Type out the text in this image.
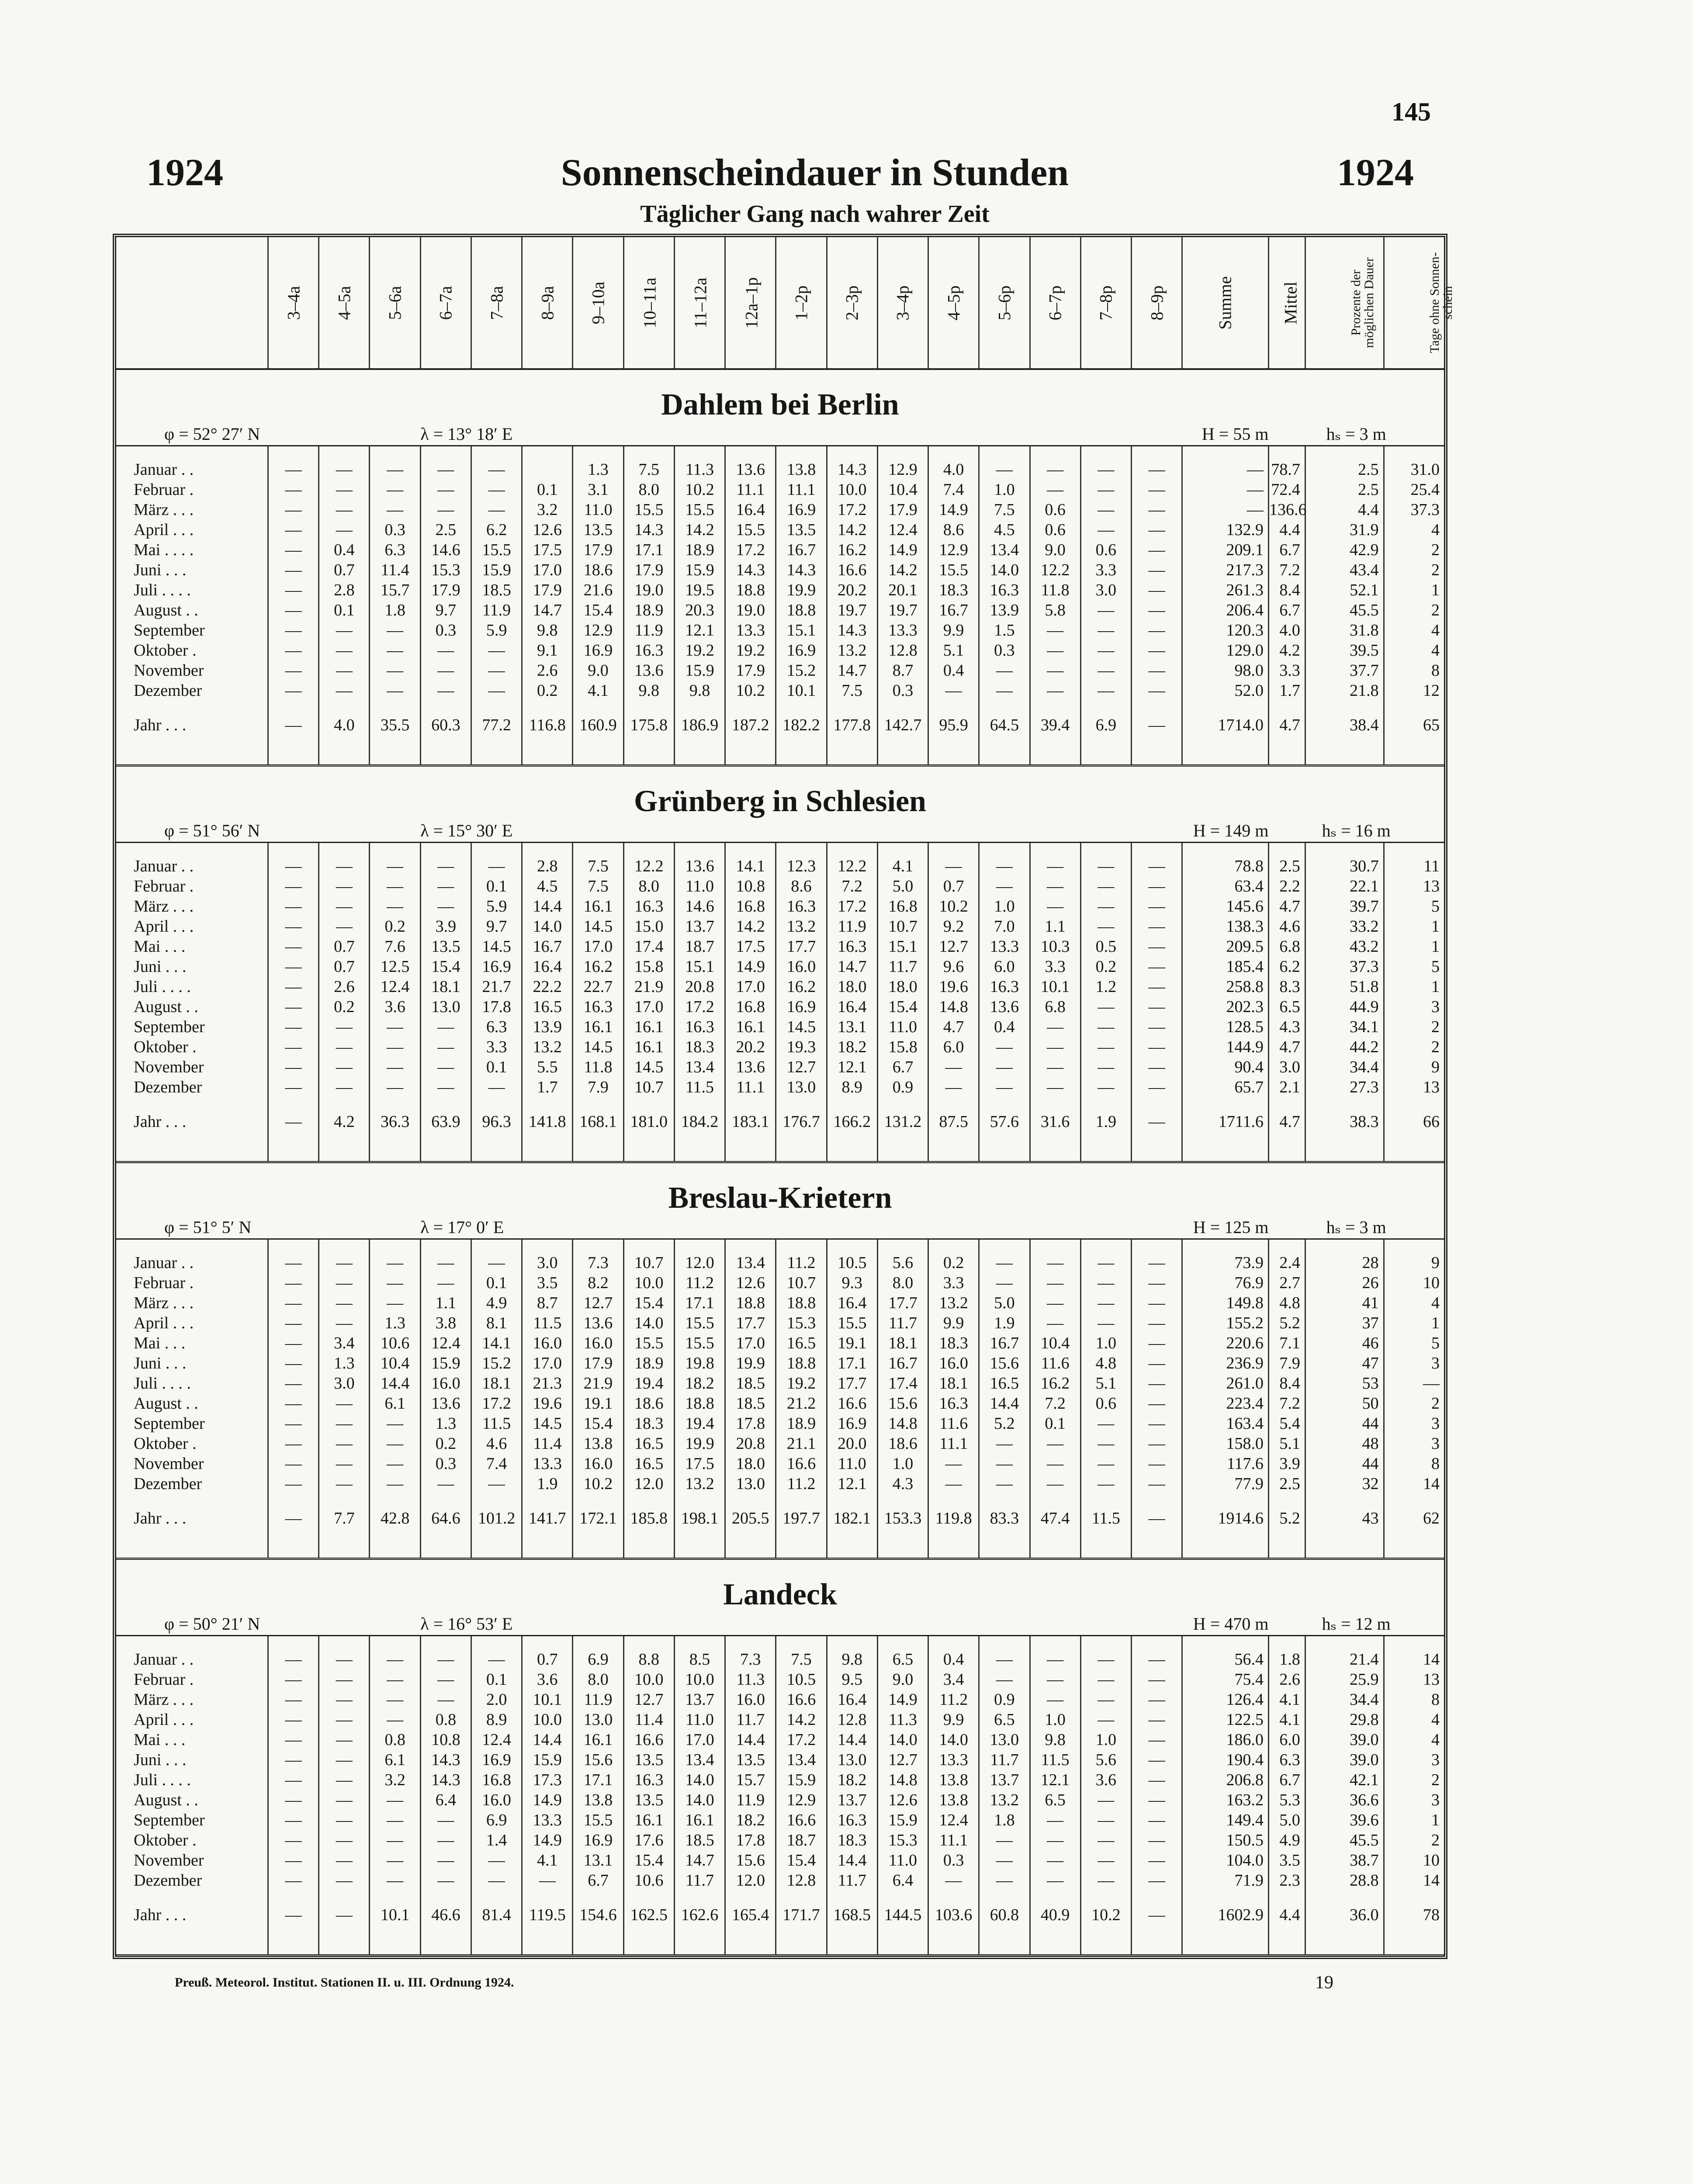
145
1924	Sonnenscheindauer in Stunden	1924
Täglicher Gang nach wahrer Zeit
	3–4a	4–5a	5–6a	6–7a	7–8a	8–9a	9–10a	10–11a	11–12a	12a–1p	1–2p	2–3p	3–4p	4–5p	5–6p	6–7p	7–8p	8–9p	Summe	Mittel	Prozente der möglichen Dauer	Tage ohne Sonnen-schein
Dahlem bei Berlin																						
φ = 52° 27′ N				λ = 13° 18′ E														H = 55 m		hₛ = 3 m		

Januar . .	—	—	—	—	—		1.3	7.5	11.3	13.6	13.8	14.3	12.9	4.0	—	—	—	—	—	78.7	2.5	31.0
Februar .	—	—	—	—	—	0.1	3.1	8.0	10.2	11.1	11.1	10.0	10.4	7.4	1.0	—	—	—	—	72.4	2.5	25.4
März . . .	—	—	—	—	—	3.2	11.0	15.5	15.5	16.4	16.9	17.2	17.9	14.9	7.5	0.6	—	—	—	136.6	4.4	37.3
April . . .	—	—	0.3	2.5	6.2	12.6	13.5	14.3	14.2	15.5	13.5	14.2	12.4	8.6	4.5	0.6	—	—	132.9	4.4	31.9	4
Mai . . . .	—	0.4	6.3	14.6	15.5	17.5	17.9	17.1	18.9	17.2	16.7	16.2	14.9	12.9	13.4	9.0	0.6	—	209.1	6.7	42.9	2
Juni . . .	—	0.7	11.4	15.3	15.9	17.0	18.6	17.9	15.9	14.3	14.3	16.6	14.2	15.5	14.0	12.2	3.3	—	217.3	7.2	43.4	2
Juli . . . .	—	2.8	15.7	17.9	18.5	17.9	21.6	19.0	19.5	18.8	19.9	20.2	20.1	18.3	16.3	11.8	3.0	—	261.3	8.4	52.1	1
August . .	—	0.1	1.8	9.7	11.9	14.7	15.4	18.9	20.3	19.0	18.8	19.7	19.7	16.7	13.9	5.8	—	—	206.4	6.7	45.5	2
September	—	—	—	0.3	5.9	9.8	12.9	11.9	12.1	13.3	15.1	14.3	13.3	9.9	1.5	—	—	—	120.3	4.0	31.8	4
Oktober .	—	—	—	—	—	9.1	16.9	16.3	19.2	19.2	16.9	13.2	12.8	5.1	0.3	—	—	—	129.0	4.2	39.5	4
November	—	—	—	—	—	2.6	9.0	13.6	15.9	17.9	15.2	14.7	8.7	0.4	—	—	—	—	98.0	3.3	37.7	8
Dezember	—	—	—	—	—	0.2	4.1	9.8	9.8	10.2	10.1	7.5	0.3	—	—	—	—	—	52.0	1.7	21.8	12

Jahr . . .	—	4.0	35.5	60.3	77.2	116.8	160.9	175.8	186.9	187.2	182.2	177.8	142.7	95.9	64.5	39.4	6.9	—	1714.0	4.7	38.4	65

Grünberg in Schlesien																						
φ = 51° 56′ N				λ = 15° 30′ E														H = 149 m		hₛ = 16 m		

Januar . .	—	—	—	—	—	2.8	7.5	12.2	13.6	14.1	12.3	12.2	4.1	—	—	—	—	—	78.8	2.5	30.7	11
Februar .	—	—	—	—	0.1	4.5	7.5	8.0	11.0	10.8	8.6	7.2	5.0	0.7	—	—	—	—	63.4	2.2	22.1	13
März . . .	—	—	—	—	5.9	14.4	16.1	16.3	14.6	16.8	16.3	17.2	16.8	10.2	1.0	—	—	—	145.6	4.7	39.7	5
April . . .	—	—	0.2	3.9	9.7	14.0	14.5	15.0	13.7	14.2	13.2	11.9	10.7	9.2	7.0	1.1	—	—	138.3	4.6	33.2	1
Mai . . .	—	0.7	7.6	13.5	14.5	16.7	17.0	17.4	18.7	17.5	17.7	16.3	15.1	12.7	13.3	10.3	0.5	—	209.5	6.8	43.2	1
Juni . . .	—	0.7	12.5	15.4	16.9	16.4	16.2	15.8	15.1	14.9	16.0	14.7	11.7	9.6	6.0	3.3	0.2	—	185.4	6.2	37.3	5
Juli . . . .	—	2.6	12.4	18.1	21.7	22.2	22.7	21.9	20.8	17.0	16.2	18.0	18.0	19.6	16.3	10.1	1.2	—	258.8	8.3	51.8	1
August . .	—	0.2	3.6	13.0	17.8	16.5	16.3	17.0	17.2	16.8	16.9	16.4	15.4	14.8	13.6	6.8	—	—	202.3	6.5	44.9	3
September	—	—	—	—	6.3	13.9	16.1	16.1	16.3	16.1	14.5	13.1	11.0	4.7	0.4	—	—	—	128.5	4.3	34.1	2
Oktober .	—	—	—	—	3.3	13.2	14.5	16.1	18.3	20.2	19.3	18.2	15.8	6.0	—	—	—	—	144.9	4.7	44.2	2
November	—	—	—	—	0.1	5.5	11.8	14.5	13.4	13.6	12.7	12.1	6.7	—	—	—	—	—	90.4	3.0	34.4	9
Dezember	—	—	—	—	—	1.7	7.9	10.7	11.5	11.1	13.0	8.9	0.9	—	—	—	—	—	65.7	2.1	27.3	13

Jahr . . .	—	4.2	36.3	63.9	96.3	141.8	168.1	181.0	184.2	183.1	176.7	166.2	131.2	87.5	57.6	31.6	1.9	—	1711.6	4.7	38.3	66

Breslau-Krietern																						
φ = 51° 5′ N				λ = 17° 0′ E														H = 125 m		hₛ = 3 m		

Januar . .	—	—	—	—	—	3.0	7.3	10.7	12.0	13.4	11.2	10.5	5.6	0.2	—	—	—	—	73.9	2.4	28	9
Februar .	—	—	—	—	0.1	3.5	8.2	10.0	11.2	12.6	10.7	9.3	8.0	3.3	—	—	—	—	76.9	2.7	26	10
März . . .	—	—	—	1.1	4.9	8.7	12.7	15.4	17.1	18.8	18.8	16.4	17.7	13.2	5.0	—	—	—	149.8	4.8	41	4
April . . .	—	—	1.3	3.8	8.1	11.5	13.6	14.0	15.5	17.7	15.3	15.5	11.7	9.9	1.9	—	—	—	155.2	5.2	37	1
Mai . . .	—	3.4	10.6	12.4	14.1	16.0	16.0	15.5	15.5	17.0	16.5	19.1	18.1	18.3	16.7	10.4	1.0	—	220.6	7.1	46	5
Juni . . .	—	1.3	10.4	15.9	15.2	17.0	17.9	18.9	19.8	19.9	18.8	17.1	16.7	16.0	15.6	11.6	4.8	—	236.9	7.9	47	3
Juli . . . .	—	3.0	14.4	16.0	18.1	21.3	21.9	19.4	18.2	18.5	19.2	17.7	17.4	18.1	16.5	16.2	5.1	—	261.0	8.4	53	—
August . .	—	—	6.1	13.6	17.2	19.6	19.1	18.6	18.8	18.5	21.2	16.6	15.6	16.3	14.4	7.2	0.6	—	223.4	7.2	50	2
September	—	—	—	1.3	11.5	14.5	15.4	18.3	19.4	17.8	18.9	16.9	14.8	11.6	5.2	0.1	—	—	163.4	5.4	44	3
Oktober .	—	—	—	0.2	4.6	11.4	13.8	16.5	19.9	20.8	21.1	20.0	18.6	11.1	—	—	—	—	158.0	5.1	48	3
November	—	—	—	0.3	7.4	13.3	16.0	16.5	17.5	18.0	16.6	11.0	1.0	—	—	—	—	—	117.6	3.9	44	8
Dezember	—	—	—	—	—	1.9	10.2	12.0	13.2	13.0	11.2	12.1	4.3	—	—	—	—	—	77.9	2.5	32	14

Jahr . . .	—	7.7	42.8	64.6	101.2	141.7	172.1	185.8	198.1	205.5	197.7	182.1	153.3	119.8	83.3	47.4	11.5	—	1914.6	5.2	43	62

Landeck																						
φ = 50° 21′ N				λ = 16° 53′ E														H = 470 m		hₛ = 12 m		

Januar . .	—	—	—	—	—	0.7	6.9	8.8	8.5	7.3	7.5	9.8	6.5	0.4	—	—	—	—	56.4	1.8	21.4	14
Februar .	—	—	—	—	0.1	3.6	8.0	10.0	10.0	11.3	10.5	9.5	9.0	3.4	—	—	—	—	75.4	2.6	25.9	13
März . . .	—	—	—	—	2.0	10.1	11.9	12.7	13.7	16.0	16.6	16.4	14.9	11.2	0.9	—	—	—	126.4	4.1	34.4	8
April . . .	—	—	—	0.8	8.9	10.0	13.0	11.4	11.0	11.7	14.2	12.8	11.3	9.9	6.5	1.0	—	—	122.5	4.1	29.8	4
Mai . . .	—	—	0.8	10.8	12.4	14.4	16.1	16.6	17.0	14.4	17.2	14.4	14.0	14.0	13.0	9.8	1.0	—	186.0	6.0	39.0	4
Juni . . .	—	—	6.1	14.3	16.9	15.9	15.6	13.5	13.4	13.5	13.4	13.0	12.7	13.3	11.7	11.5	5.6	—	190.4	6.3	39.0	3
Juli . . . .	—	—	3.2	14.3	16.8	17.3	17.1	16.3	14.0	15.7	15.9	18.2	14.8	13.8	13.7	12.1	3.6	—	206.8	6.7	42.1	2
August . .	—	—	—	6.4	16.0	14.9	13.8	13.5	14.0	11.9	12.9	13.7	12.6	13.8	13.2	6.5	—	—	163.2	5.3	36.6	3
September	—	—	—	—	6.9	13.3	15.5	16.1	16.1	18.2	16.6	16.3	15.9	12.4	1.8	—	—	—	149.4	5.0	39.6	1
Oktober .	—	—	—	—	1.4	14.9	16.9	17.6	18.5	17.8	18.7	18.3	15.3	11.1	—	—	—	—	150.5	4.9	45.5	2
November	—	—	—	—	—	4.1	13.1	15.4	14.7	15.6	15.4	14.4	11.0	0.3	—	—	—	—	104.0	3.5	38.7	10
Dezember	—	—	—	—	—	—	6.7	10.6	11.7	12.0	12.8	11.7	6.4	—	—	—	—	—	71.9	2.3	28.8	14

Jahr . . .	—	—	10.1	46.6	81.4	119.5	154.6	162.5	162.6	165.4	171.7	168.5	144.5	103.6	60.8	40.9	10.2	—	1602.9	4.4	36.0	78

Preuß. Meteorol. Institut. Stationen II. u. III. Ordnung 1924.	19
